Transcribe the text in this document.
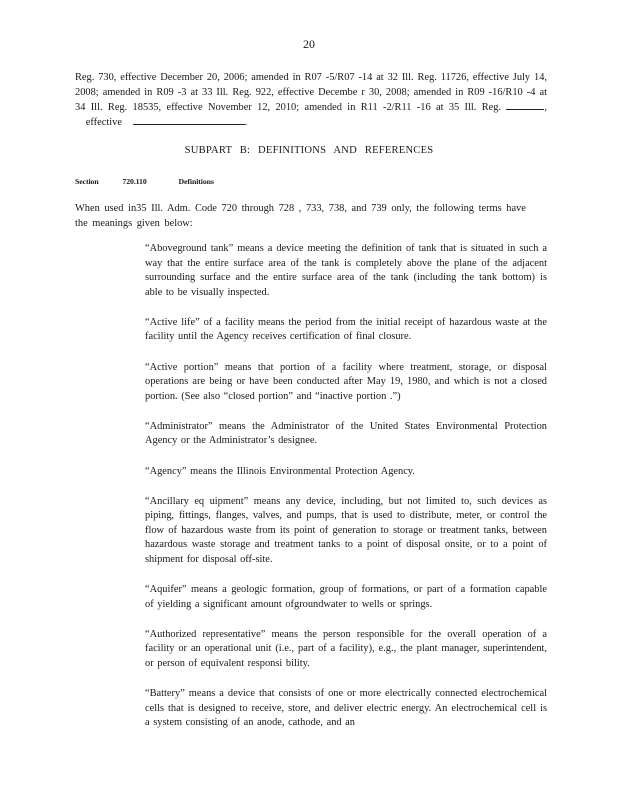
20
Reg. 730, effective December 20, 2006; amended in R07 -5/R07 -14 at 32 Ill. Reg. 11726, effective July 14, 2008; amended in R09 -3 at 33 Ill. Reg. 922, effective Decembe r 30, 2008; amended in R09 -16/R10 -4 at 34 Ill. Reg. 18535, effective November 12, 2010; amended in R11 -2/R11 -16 at 35 Ill. Reg.	,    effective	.
SUBPART B: DEFINITIONS AND REFERENCES
Section	720.110	Definitions
When used in35 Ill. Adm. Code 720 through 728 , 733, 738, and 739 only, the following terms have the meanings given below:

“Aboveground tank” means a device meeting the definition of tank that is situated in such a way that the entire surface area of the tank is completely above the plane of the adjacent surrounding surface and the entire surface area of the tank (including the tank bottom) is able to be visually inspected.

“Active life” of a facility means the period from the initial receipt of hazardous waste at the facility until the Agency receives certification of final closure.

“Active portion” means that portion of a facility where treatment, storage, or disposal operations are being or have been conducted after May 19, 1980, and which is not a closed portion. (See also “closed portion” and “inactive portion .”)

“Administrator” means the Administrator of the United States Environmental Protection Agency or the Administrator’s designee.

“Agency” means the Illinois Environmental Protection Agency.

“Ancillary eq uipment” means any device, including, but not limited to, such devices as piping, fittings, flanges, valves, and pumps, that is used to distribute, meter, or control the flow of hazardous waste from its point of generation to storage or treatment tanks, between hazardous waste storage and treatment tanks to a point of disposal onsite, or to a point of shipment for disposal off-site.

“Aquifer” means a geologic formation, group of formations, or part of a formation capable of yielding a significant amount ofgroundwater to wells or springs.

“Authorized representative” means the person responsible for the overall operation of a facility or an operational unit (i.e., part of a facility), e.g., the plant manager, superintendent, or person of equivalent responsi bility.

“Battery” means a device that consists of one or more electrically connected electrochemical cells that is designed to receive, store, and deliver electric energy. An electrochemical cell is a system consisting of an anode, cathode, and an
